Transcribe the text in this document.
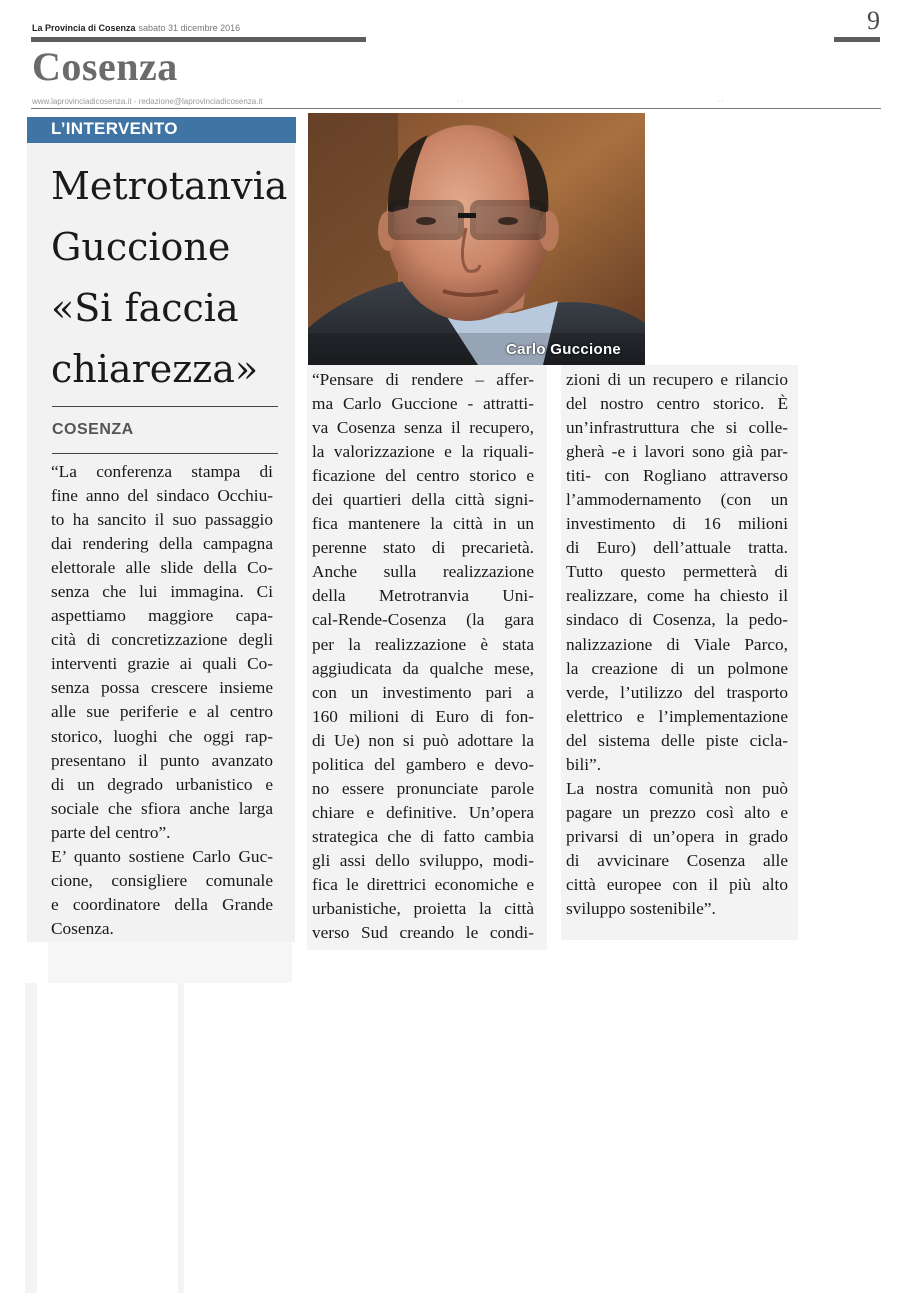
La Provincia di Cosenza sabato 31 dicembre 2016	9
Cosenza
www.laprovinciadicosenza.it - redazione@laprovinciadicosenza.it	· ·	· ·
L’INTERVENTO
Metrotanvia
Guccione
«Si faccia
chiarezza»
COSENZA
“La conferenza stampa di
fine anno del sindaco Occhiu-
to ha sancito il suo passaggio
dai rendering della campagna
elettorale alle slide della Co-
senza che lui immagina. Ci
aspettiamo maggiore capa-
cità di concretizzazione degli
interventi grazie ai quali Co-
senza possa crescere insieme
alle sue periferie e al centro
storico, luoghi che oggi rap-
presentano il punto avanzato
di un degrado urbanistico e
sociale che sfiora anche larga
parte del centro”.
E’ quanto sostiene Carlo Guc-
cione, consigliere comunale
e coordinatore della Grande
Cosenza.
Carlo Guccione
“Pensare di rendere – affer-
ma Carlo Guccione - attratti-
va Cosenza senza il recupero,
la valorizzazione e la riquali-
ficazione del centro storico e
dei quartieri della città signi-
fica mantenere la città in un
perenne stato di precarietà.
Anche sulla realizzazione
della Metrotranvia Uni-
cal-Rende-Cosenza (la gara
per la realizzazione è stata
aggiudicata da qualche mese,
con un investimento pari a
160 milioni di Euro di fon-
di Ue) non si può adottare la
politica del gambero e devo-
no essere pronunciate parole
chiare e definitive. Un’opera
strategica che di fatto cambia
gli assi dello sviluppo, modi-
fica le direttrici economiche e
urbanistiche, proietta la città
verso Sud creando le condi-
zioni di un recupero e rilancio
del nostro centro storico. È
un’infrastruttura che si colle-
gherà -e i lavori sono già par-
titi- con Rogliano attraverso
l’ammodernamento (con un
investimento di 16 milioni
di Euro) dell’attuale tratta.
Tutto questo permetterà di
realizzare, come ha chiesto il
sindaco di Cosenza, la pedo-
nalizzazione di Viale Parco,
la creazione di un polmone
verde, l’utilizzo del trasporto
elettrico e l’implementazione
del sistema delle piste cicla-
bili”.
La nostra comunità non può
pagare un prezzo così alto e
privarsi di un’opera in grado
di avvicinare Cosenza alle
città europee con il più alto
sviluppo sostenibile”.
